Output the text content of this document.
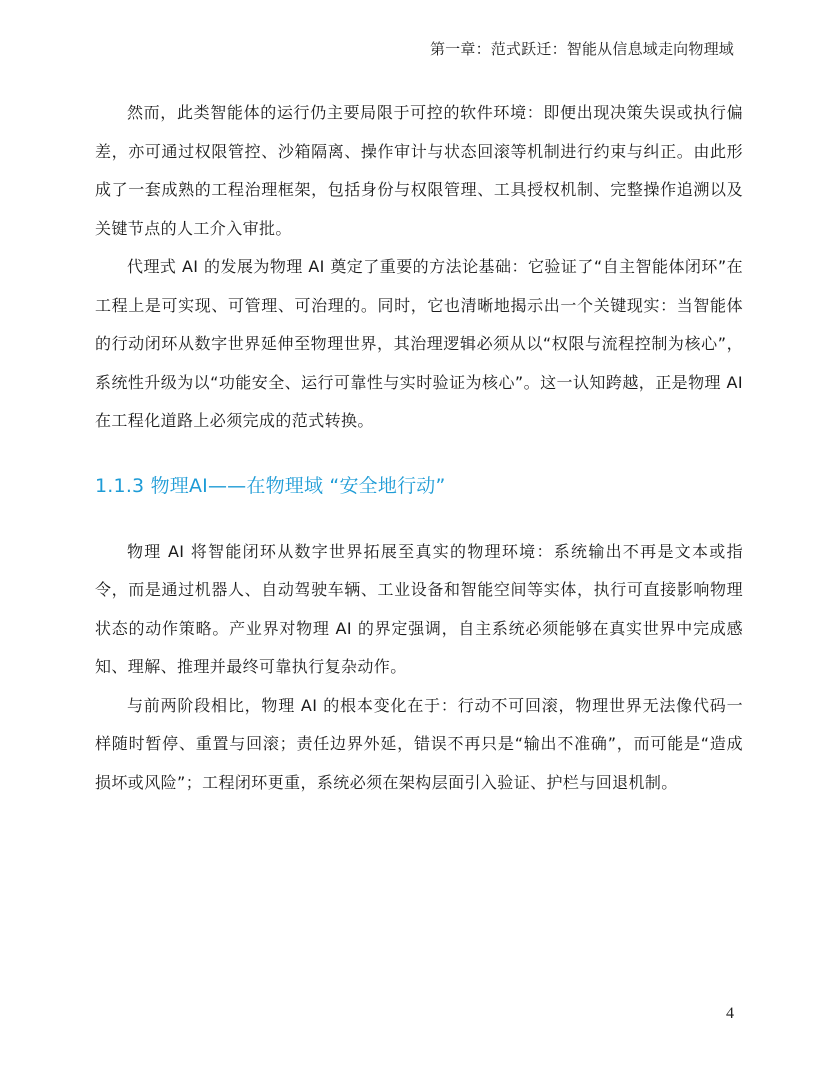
第一章：范式跃迁：智能从信息域走向物理域

然而，此类智能体的运行仍主要局限于可控的软件环境：即便出现决策失误或执行偏差，亦可通过权限管控、沙箱隔离、操作审计与状态回滚等机制进行约束与纠正。由此形成了一套成熟的工程治理框架，包括身份与权限管理、工具授权机制、完整操作追溯以及关键节点的人工介入审批。

代理式 AI 的发展为物理 AI 奠定了重要的方法论基础：它验证了“自主智能体闭环”在工程上是可实现、可管理、可治理的。同时，它也清晰地揭示出一个关键现实：当智能体的行动闭环从数字世界延伸至物理世界，其治理逻辑必须从以“权限与流程控制为核心”，系统性升级为以“功能安全、运行可靠性与实时验证为核心”。这一认知跨越，正是物理 AI 在工程化道路上必须完成的范式转换。

1.1.3 物理AI——在物理域 “安全地行动”

物理 AI 将智能闭环从数字世界拓展至真实的物理环境：系统输出不再是文本或指令，而是通过机器人、自动驾驶车辆、工业设备和智能空间等实体，执行可直接影响物理状态的动作策略。产业界对物理 AI 的界定强调，自主系统必须能够在真实世界中完成感知、理解、推理并最终可靠执行复杂动作。

与前两阶段相比，物理 AI 的根本变化在于：行动不可回滚，物理世界无法像代码一样随时暂停、重置与回滚；责任边界外延，错误不再只是“输出不准确”，而可能是“造成损坏或风险”；工程闭环更重，系统必须在架构层面引入验证、护栏与回退机制。

4
